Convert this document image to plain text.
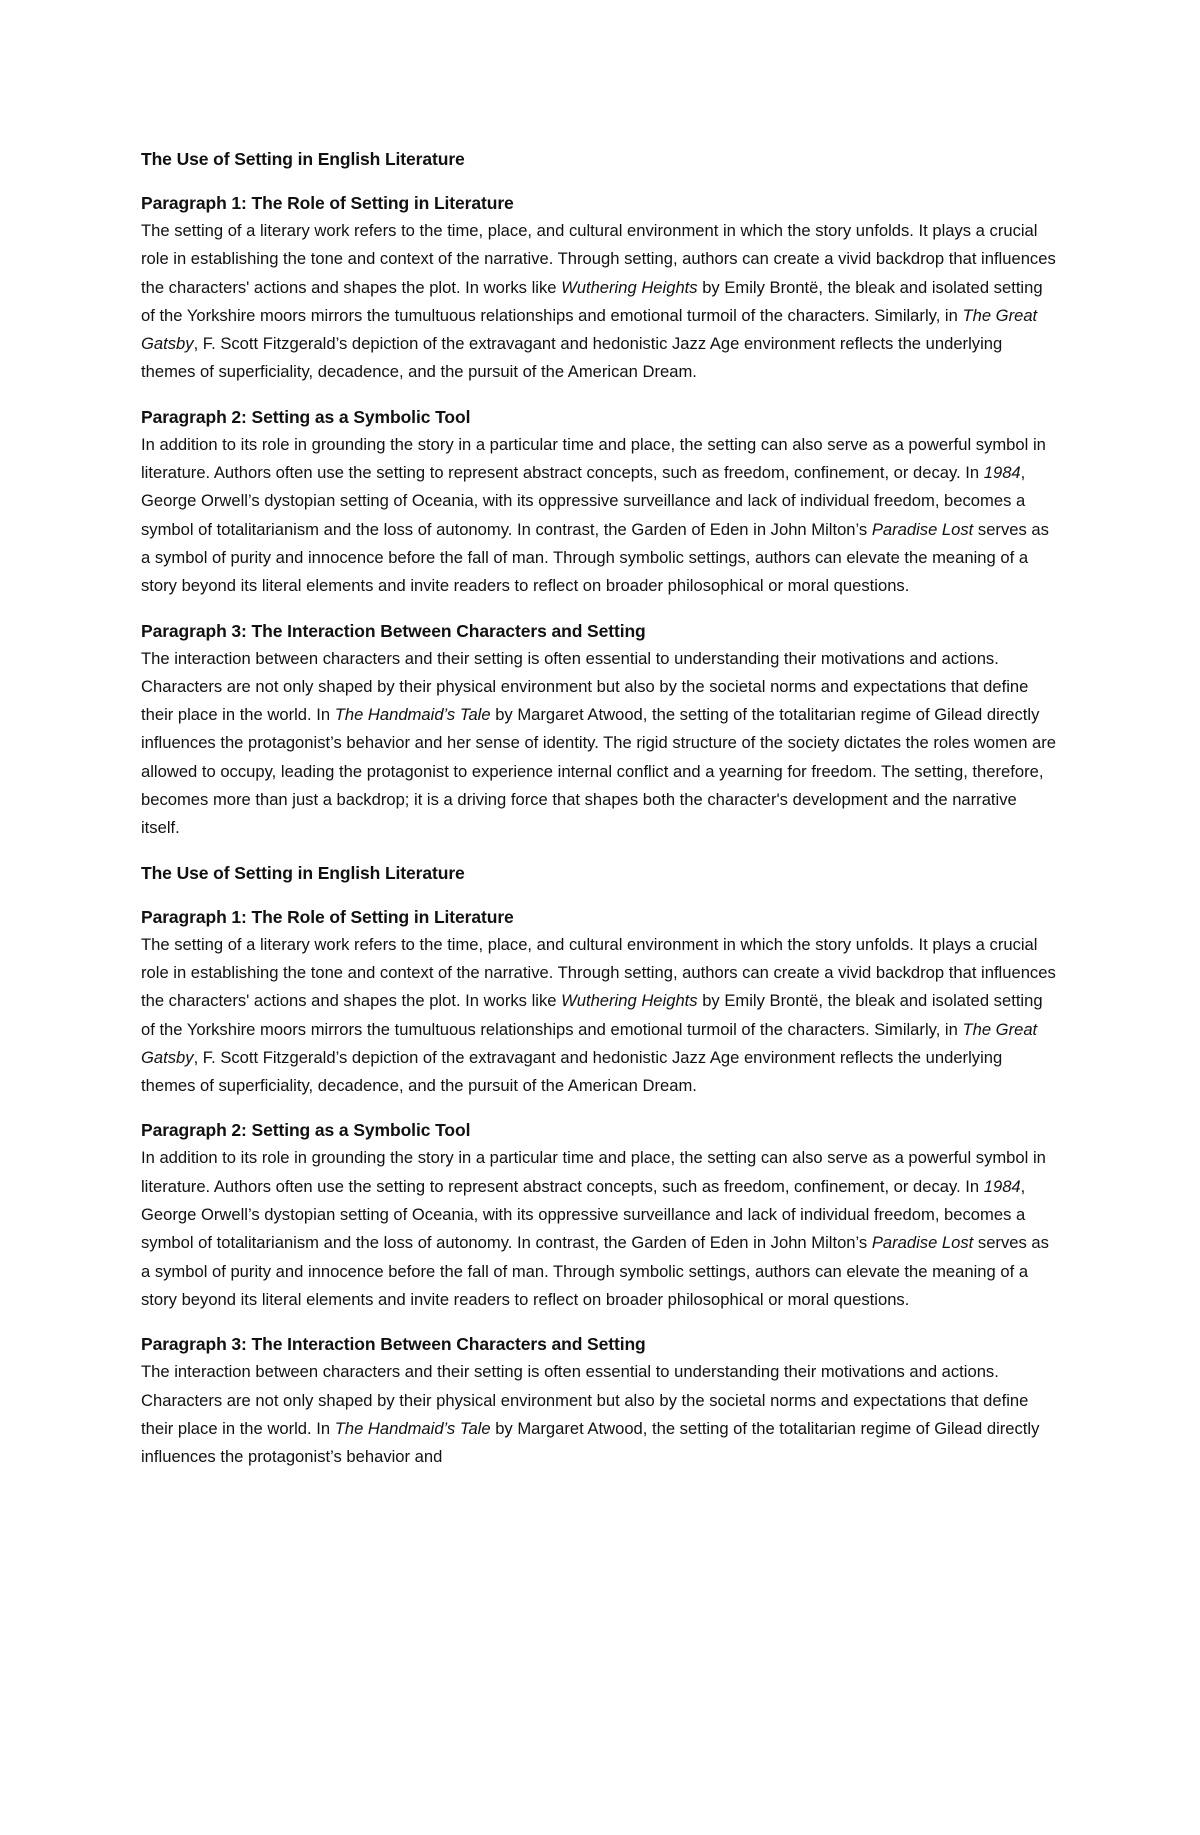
The Use of Setting in English Literature
Paragraph 1: The Role of Setting in Literature

The setting of a literary work refers to the time, place, and cultural environment in which the story unfolds. It plays a crucial role in establishing the tone and context of the narrative. Through setting, authors can create a vivid backdrop that influences the characters' actions and shapes the plot. In works like Wuthering Heights by Emily Brontë, the bleak and isolated setting of the Yorkshire moors mirrors the tumultuous relationships and emotional turmoil of the characters. Similarly, in The Great Gatsby, F. Scott Fitzgerald’s depiction of the extravagant and hedonistic Jazz Age environment reflects the underlying themes of superficiality, decadence, and the pursuit of the American Dream.

Paragraph 2: Setting as a Symbolic Tool

In addition to its role in grounding the story in a particular time and place, the setting can also serve as a powerful symbol in literature. Authors often use the setting to represent abstract concepts, such as freedom, confinement, or decay. In 1984, George Orwell’s dystopian setting of Oceania, with its oppressive surveillance and lack of individual freedom, becomes a symbol of totalitarianism and the loss of autonomy. In contrast, the Garden of Eden in John Milton’s Paradise Lost serves as a symbol of purity and innocence before the fall of man. Through symbolic settings, authors can elevate the meaning of a story beyond its literal elements and invite readers to reflect on broader philosophical or moral questions.

Paragraph 3: The Interaction Between Characters and Setting

The interaction between characters and their setting is often essential to understanding their motivations and actions. Characters are not only shaped by their physical environment but also by the societal norms and expectations that define their place in the world. In The Handmaid’s Tale by Margaret Atwood, the setting of the totalitarian regime of Gilead directly influences the protagonist’s behavior and her sense of identity. The rigid structure of the society dictates the roles women are allowed to occupy, leading the protagonist to experience internal conflict and a yearning for freedom. The setting, therefore, becomes more than just a backdrop; it is a driving force that shapes both the character's development and the narrative itself.

The Use of Setting in English Literature
Paragraph 1: The Role of Setting in Literature

The setting of a literary work refers to the time, place, and cultural environment in which the story unfolds. It plays a crucial role in establishing the tone and context of the narrative. Through setting, authors can create a vivid backdrop that influences the characters' actions and shapes the plot. In works like Wuthering Heights by Emily Brontë, the bleak and isolated setting of the Yorkshire moors mirrors the tumultuous relationships and emotional turmoil of the characters. Similarly, in The Great Gatsby, F. Scott Fitzgerald’s depiction of the extravagant and hedonistic Jazz Age environment reflects the underlying themes of superficiality, decadence, and the pursuit of the American Dream.

Paragraph 2: Setting as a Symbolic Tool

In addition to its role in grounding the story in a particular time and place, the setting can also serve as a powerful symbol in literature. Authors often use the setting to represent abstract concepts, such as freedom, confinement, or decay. In 1984, George Orwell’s dystopian setting of Oceania, with its oppressive surveillance and lack of individual freedom, becomes a symbol of totalitarianism and the loss of autonomy. In contrast, the Garden of Eden in John Milton’s Paradise Lost serves as a symbol of purity and innocence before the fall of man. Through symbolic settings, authors can elevate the meaning of a story beyond its literal elements and invite readers to reflect on broader philosophical or moral questions.

Paragraph 3: The Interaction Between Characters and Setting

The interaction between characters and their setting is often essential to understanding their motivations and actions. Characters are not only shaped by their physical environment but also by the societal norms and expectations that define their place in the world. In The Handmaid’s Tale by Margaret Atwood, the setting of the totalitarian regime of Gilead directly influences the protagonist’s behavior and
